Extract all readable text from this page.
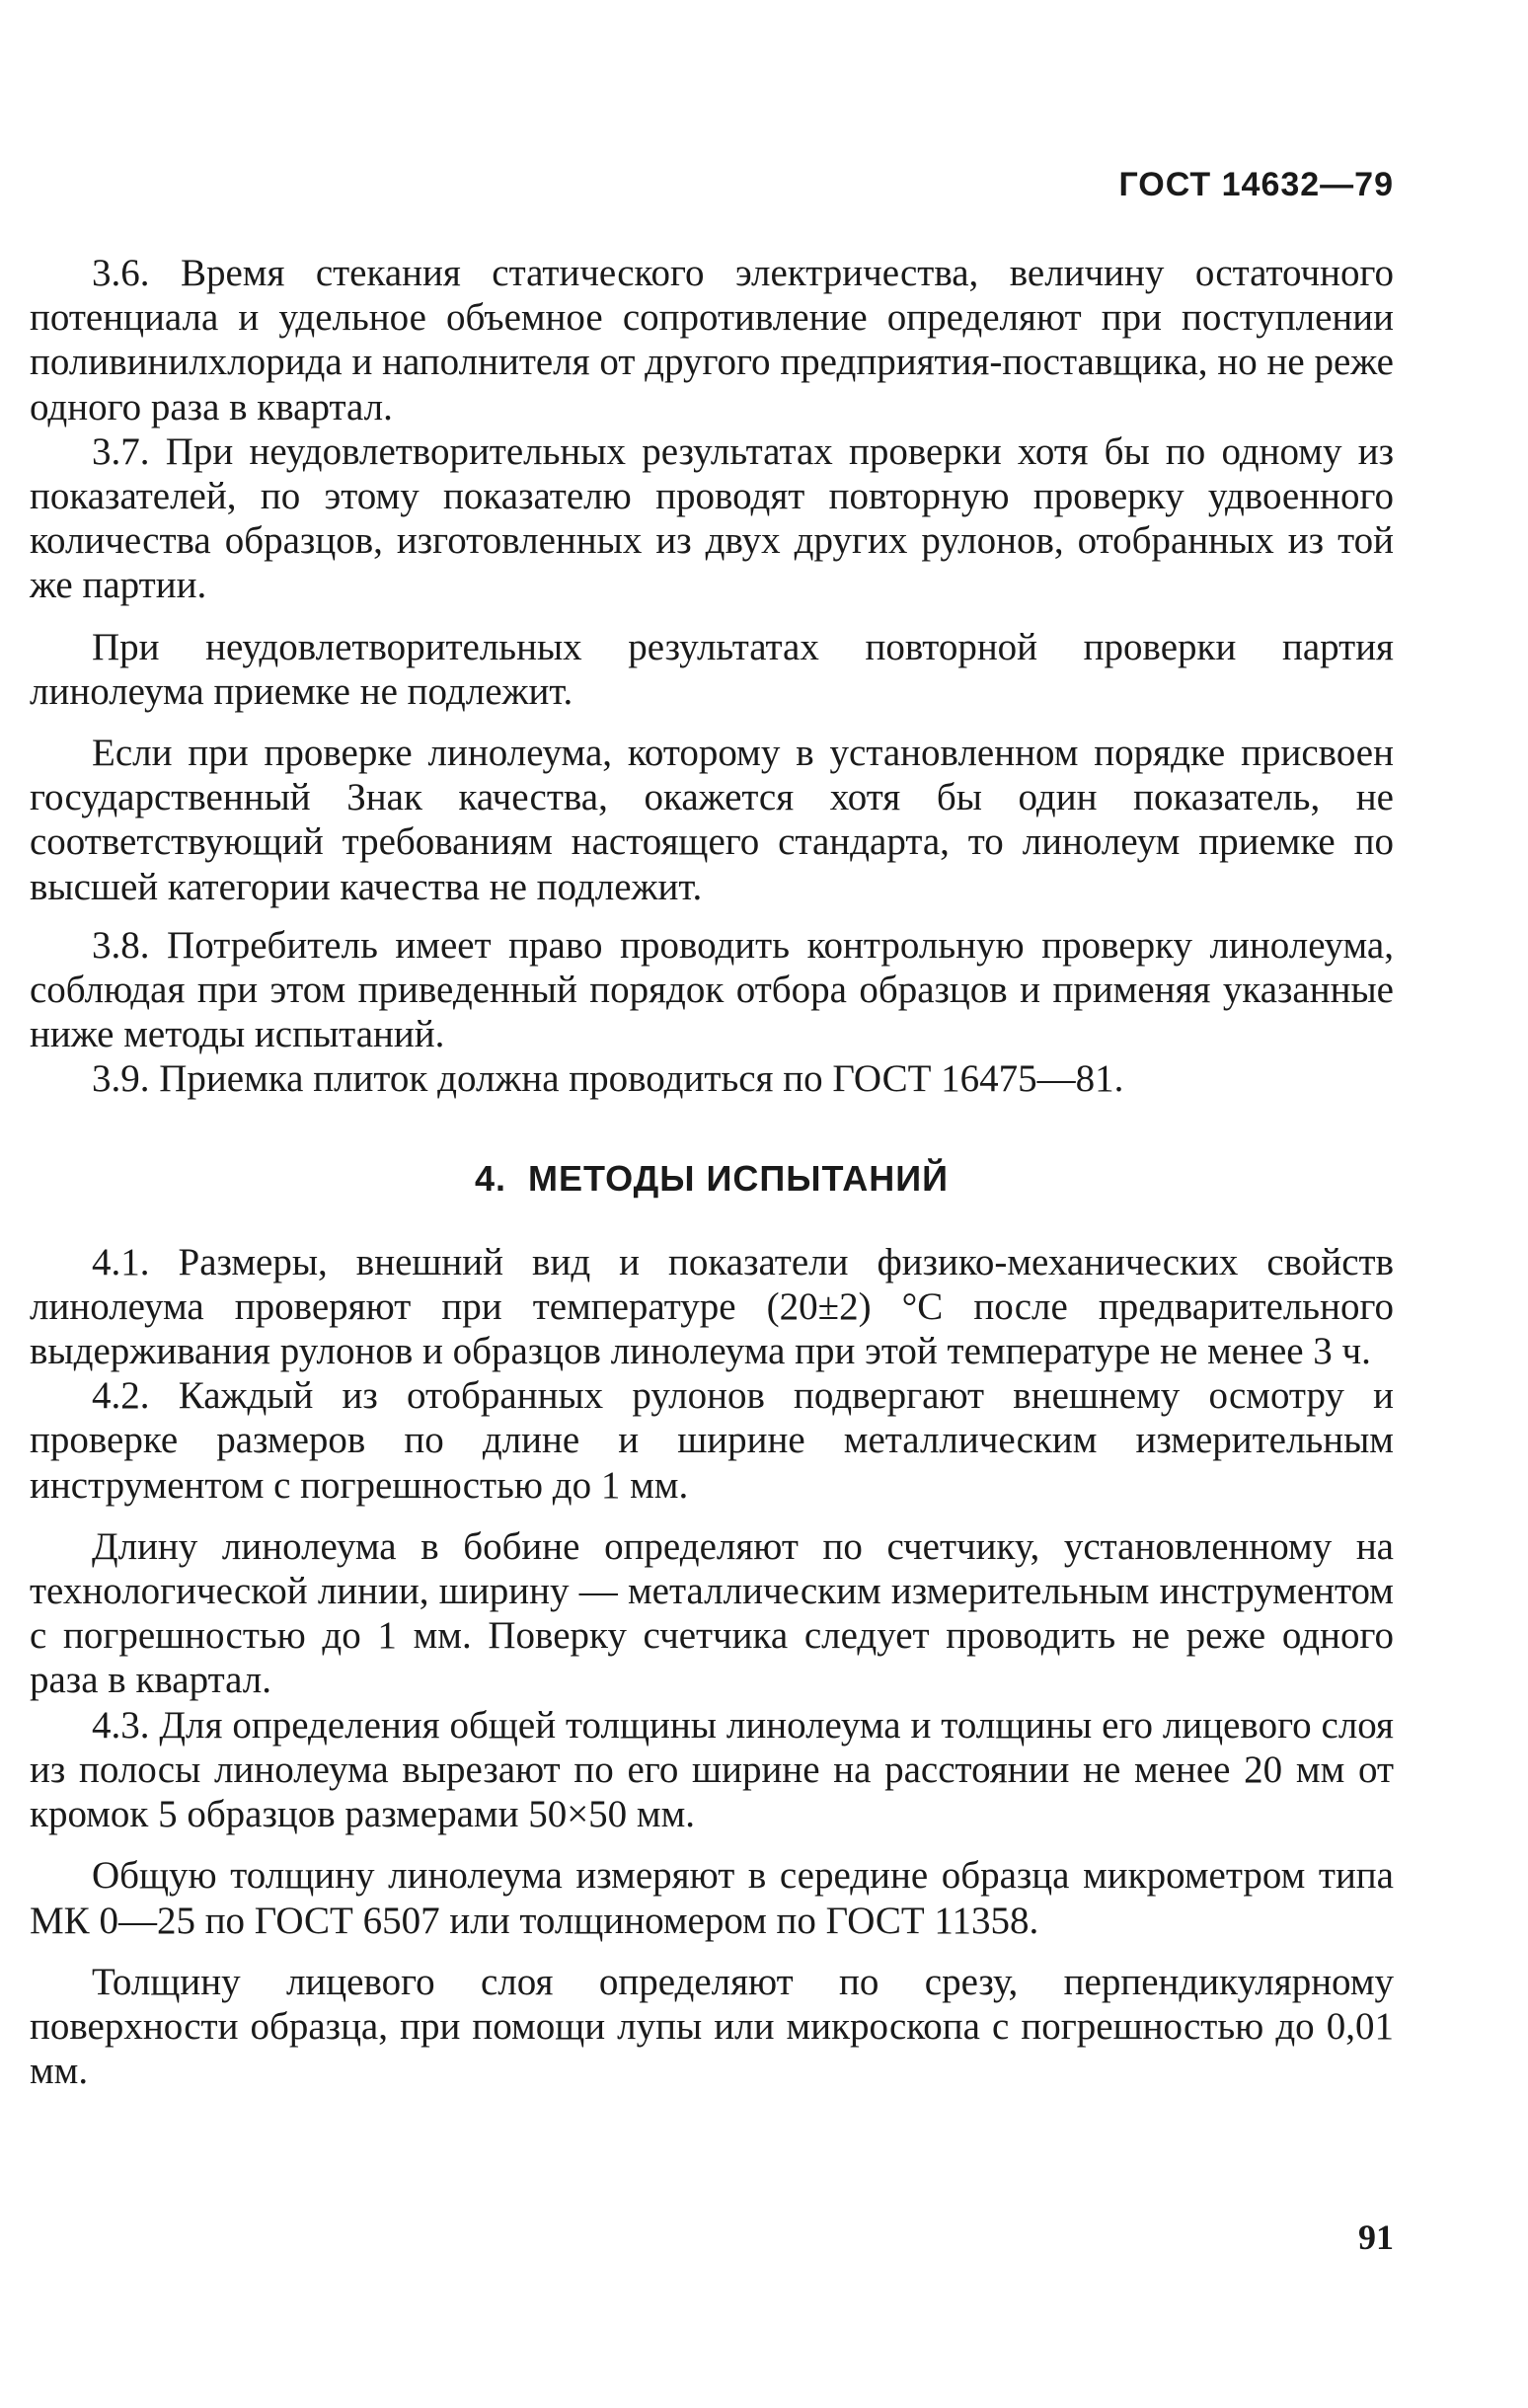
ГОСТ 14632—79

3.6. Время стекания статического электричества, величину остаточного потенциала и удельное объемное сопротивление определяют при поступлении поливинилхлорида и наполнителя от другого предприятия-поставщика, но не реже одного раза в квартал.

3.7. При неудовлетворительных результатах проверки хотя бы по одному из показателей, по этому показателю проводят повторную проверку удвоенного количества образцов, изготовленных из двух других рулонов, отобранных из той же партии.

При неудовлетворительных результатах повторной проверки партия линолеума приемке не подлежит.

Если при проверке линолеума, которому в установленном порядке присвоен государственный Знак качества, окажется хотя бы один показатель, не соответствующий требованиям настоящего стандарта, то линолеум приемке по высшей категории качества не подлежит.

3.8. Потребитель имеет право проводить контрольную проверку линолеума, соблюдая при этом приведенный порядок отбора образцов и применяя указанные ниже методы испытаний.

3.9. Приемка плиток должна проводиться по ГОСТ 16475—81.

4. МЕТОДЫ ИСПЫТАНИЙ

4.1. Размеры, внешний вид и показатели физико-механических свойств линолеума проверяют при температуре (20±2) °С после предварительного выдерживания рулонов и образцов линолеума при этой температуре не менее 3 ч.

4.2. Каждый из отобранных рулонов подвергают внешнему осмотру и проверке размеров по длине и ширине металлическим измерительным инструментом с погрешностью до 1 мм.

Длину линолеума в бобине определяют по счетчику, установленному на технологической линии, ширину — металлическим измерительным инструментом с погрешностью до 1 мм. Поверку счетчика следует проводить не реже одного раза в квартал.

4.3. Для определения общей толщины линолеума и толщины его лицевого слоя из полосы линолеума вырезают по его ширине на расстоянии не менее 20 мм от кромок 5 образцов размерами 50×50 мм.

Общую толщину линолеума измеряют в середине образца микрометром типа МК 0—25 по ГОСТ 6507 или толщиномером по ГОСТ 11358.

Толщину лицевого слоя определяют по срезу, перпендикулярному поверхности образца, при помощи лупы или микроскопа с погрешностью до 0,01 мм.

91
